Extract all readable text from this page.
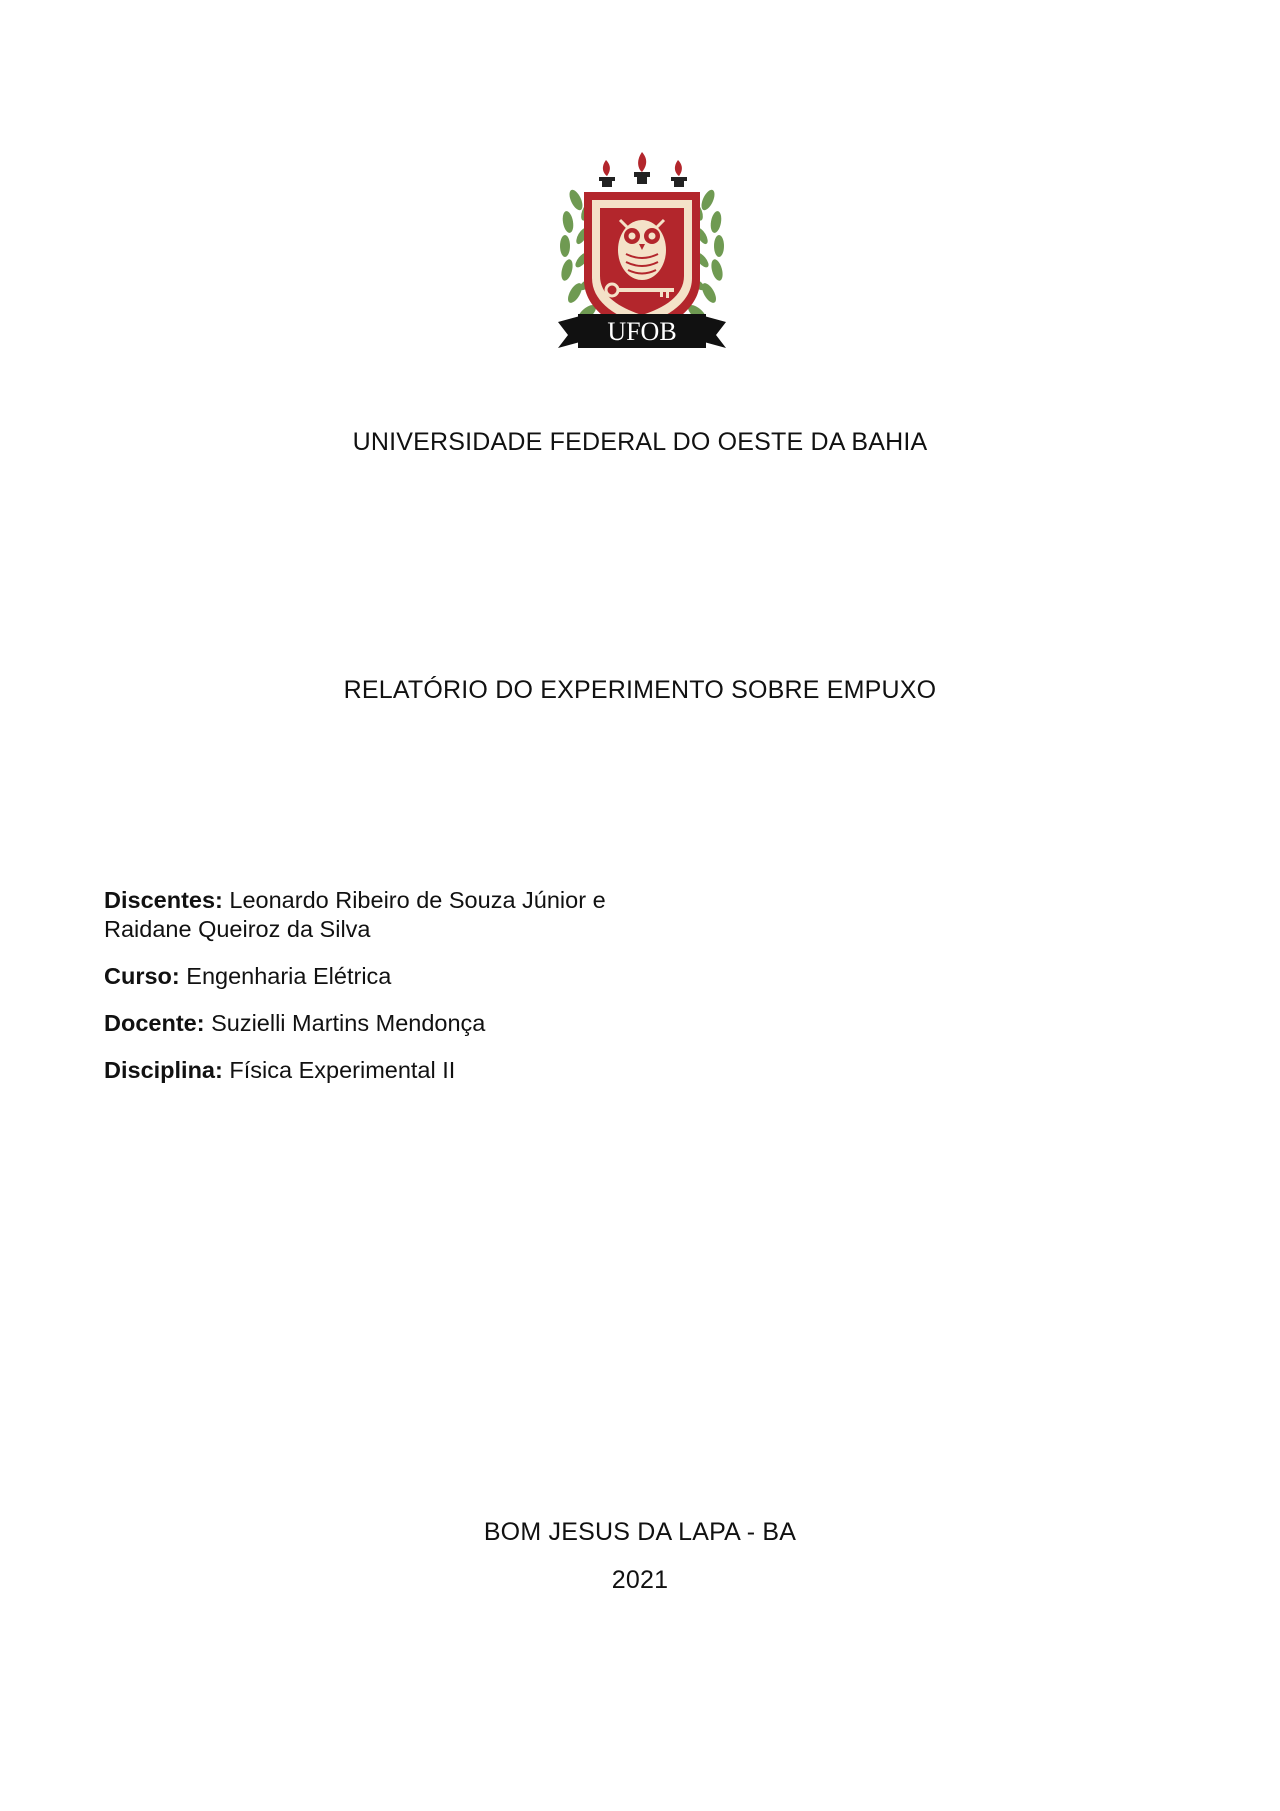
UFOB
UNIVERSIDADE FEDERAL DO OESTE DA BAHIA
RELATÓRIO DO EXPERIMENTO SOBRE EMPUXO

Discentes: Leonardo Ribeiro de Souza Júnior e
Raidane Queiroz da Silva

Curso: Engenharia Elétrica

Docente: Suzielli Martins Mendonça

Disciplina: Física Experimental II

BOM JESUS DA LAPA - BA
2021
